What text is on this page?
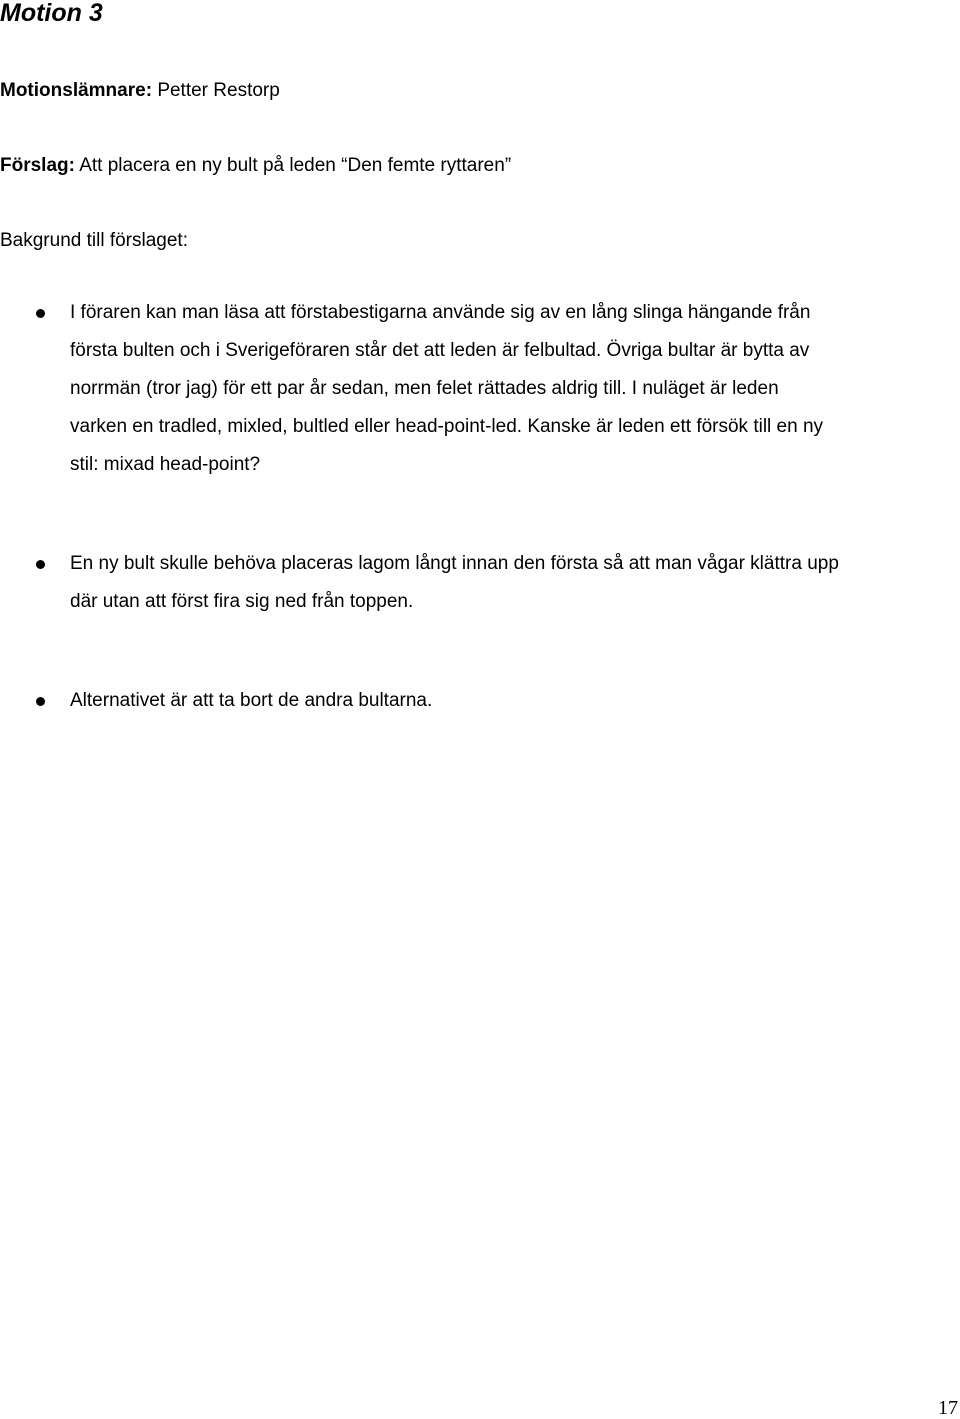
Motion 3
Motionslämnare: Petter Restorp
Förslag: Att placera en ny bult på leden “Den femte ryttaren”
Bakgrund till förslaget:

I föraren kan man läsa att förstabestigarna använde sig av en lång slinga hängande från
första bulten och i Sverigeföraren står det att leden är felbultad. Övriga bultar är bytta av
norrmän (tror jag) för ett par år sedan, men felet rättades aldrig till. I nuläget är leden
varken en tradled, mixled, bultled eller head-point-led. Kanske är leden ett försök till en ny
stil: mixad head-point?

En ny bult skulle behöva placeras lagom långt innan den första så att man vågar klättra upp
där utan att först fira sig ned från toppen.

Alternativet är att ta bort de andra bultarna.

17
